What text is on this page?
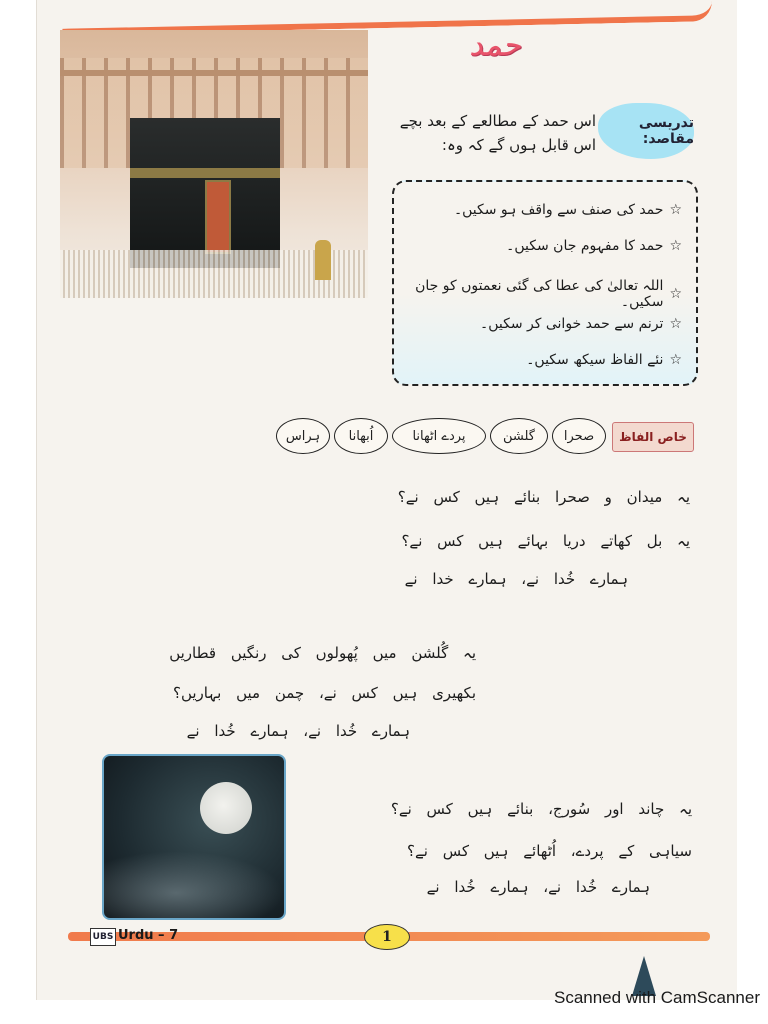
حمد
تدریسی مقاصد:
اس حمد کے مطالعے کے بعد بچے
اس قابل ہوں گے کہ وہ:
☆
حمد کی صنف سے واقف ہو سکیں۔
☆
حمد کا مفہوم جان سکیں۔
☆
اللہ تعالیٰ کی عطا کی گئی نعمتوں کو جان سکیں۔
☆
ترنم سے حمد خوانی کر سکیں۔
☆
نئے الفاظ سیکھ سکیں۔
خاص الفاظ
صحرا
گلشن
پردے اٹھانا
اُبھانا
ہراس
یہ میدان و صحرا بنائے ہیں کس نے؟
یہ بل کھاتے دریا بہائے ہیں کس نے؟
ہمارے خُدا نے، ہمارے خدا نے
یہ گُلشن میں پُھولوں کی رنگیں قطاریں
بکھیری ہیں کس نے، چمن میں بہاریں؟
ہمارے خُدا نے، ہمارے خُدا نے
یہ چاند اور سُورج، بنائے ہیں کس نے؟
سیاہی کے پردے، اُٹھائے ہیں کس نے؟
ہمارے خُدا نے، ہمارے خُدا نے
UBS Urdu – 7	1
Scanned with CamScanner
